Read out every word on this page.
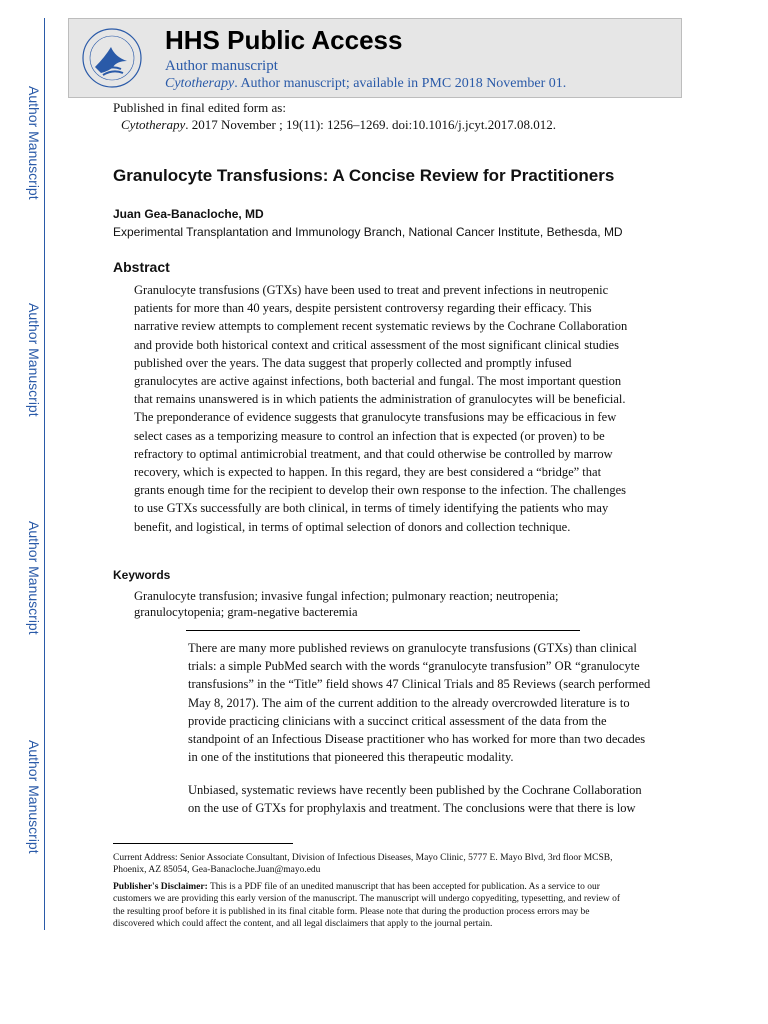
Author Manuscript
Author Manuscript
Author Manuscript
Author Manuscript
HHS Public Access
Author manuscript
Cytotherapy. Author manuscript; available in PMC 2018 November 01.
Published in final edited form as:
Cytotherapy. 2017 November ; 19(11): 1256–1269. doi:10.1016/j.jcyt.2017.08.012.
Granulocyte Transfusions: A Concise Review for Practitioners
Juan Gea-Banacloche, MD
Experimental Transplantation and Immunology Branch, National Cancer Institute, Bethesda, MD
Abstract
Granulocyte transfusions (GTXs) have been used to treat and prevent infections in neutropenic
patients for more than 40 years, despite persistent controversy regarding their efficacy. This
narrative review attempts to complement recent systematic reviews by the Cochrane Collaboration
and provide both historical context and critical assessment of the most significant clinical studies
published over the years. The data suggest that properly collected and promptly infused
granulocytes are active against infections, both bacterial and fungal. The most important question
that remains unanswered is in which patients the administration of granulocytes will be beneficial.
The preponderance of evidence suggests that granulocyte transfusions may be efficacious in few
select cases as a temporizing measure to control an infection that is expected (or proven) to be
refractory to optimal antimicrobial treatment, and that could otherwise be controlled by marrow
recovery, which is expected to happen. In this regard, they are best considered a “bridge” that
grants enough time for the recipient to develop their own response to the infection. The challenges
to use GTXs successfully are both clinical, in terms of timely identifying the patients who may
benefit, and logistical, in terms of optimal selection of donors and collection technique.
Keywords
Granulocyte transfusion; invasive fungal infection; pulmonary reaction; neutropenia;
granulocytopenia; gram-negative bacteremia
There are many more published reviews on granulocyte transfusions (GTXs) than clinical
trials: a simple PubMed search with the words “granulocyte transfusion” OR “granulocyte
transfusions” in the “Title” field shows 47 Clinical Trials and 85 Reviews (search performed
May 8, 2017). The aim of the current addition to the already overcrowded literature is to
provide practicing clinicians with a succinct critical assessment of the data from the
standpoint of an Infectious Disease practitioner who has worked for more than two decades
in one of the institutions that pioneered this therapeutic modality.
Unbiased, systematic reviews have recently been published by the Cochrane Collaboration
on the use of GTXs for prophylaxis and treatment. The conclusions were that there is low
Current Address: Senior Associate Consultant, Division of Infectious Diseases, Mayo Clinic, 5777 E. Mayo Blvd, 3rd floor MCSB,
Phoenix, AZ 85054, Gea-Banacloche.Juan@mayo.edu
Publisher's Disclaimer: This is a PDF file of an unedited manuscript that has been accepted for publication. As a service to our
customers we are providing this early version of the manuscript. The manuscript will undergo copyediting, typesetting, and review of
the resulting proof before it is published in its final citable form. Please note that during the production process errors may be
discovered which could affect the content, and all legal disclaimers that apply to the journal pertain.
